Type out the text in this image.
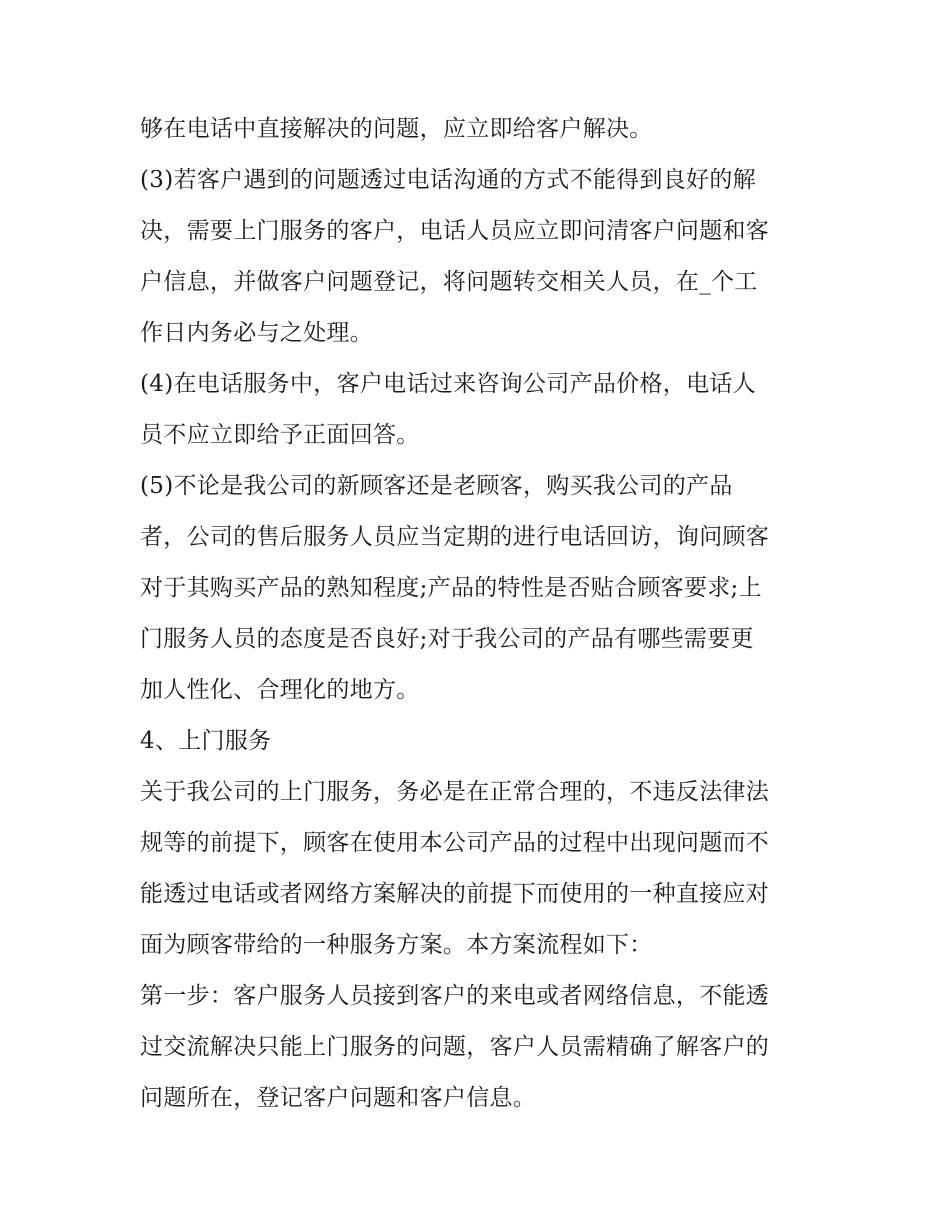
够在电话中直接解决的问题，应立即给客户解决。
(3)若客户遇到的问题透过电话沟通的方式不能得到良好的解
决，需要上门服务的客户，电话人员应立即问清客户问题和客
户信息，并做客户问题登记，将问题转交相关人员，在_个工
作日内务必与之处理。
(4)在电话服务中，客户电话过来咨询公司产品价格，电话人
员不应立即给予正面回答。
(5)不论是我公司的新顾客还是老顾客，购买我公司的产品
者，公司的售后服务人员应当定期的进行电话回访，询问顾客
对于其购买产品的熟知程度;产品的特性是否贴合顾客要求;上
门服务人员的态度是否良好;对于我公司的产品有哪些需要更
加人性化、合理化的地方。
4、上门服务
关于我公司的上门服务，务必是在正常合理的，不违反法律法
规等的前提下，顾客在使用本公司产品的过程中出现问题而不
能透过电话或者网络方案解决的前提下而使用的一种直接应对
面为顾客带给的一种服务方案。本方案流程如下：
第一步：客户服务人员接到客户的来电或者网络信息，不能透
过交流解决只能上门服务的问题，客户人员需精确了解客户的
问题所在，登记客户问题和客户信息。
